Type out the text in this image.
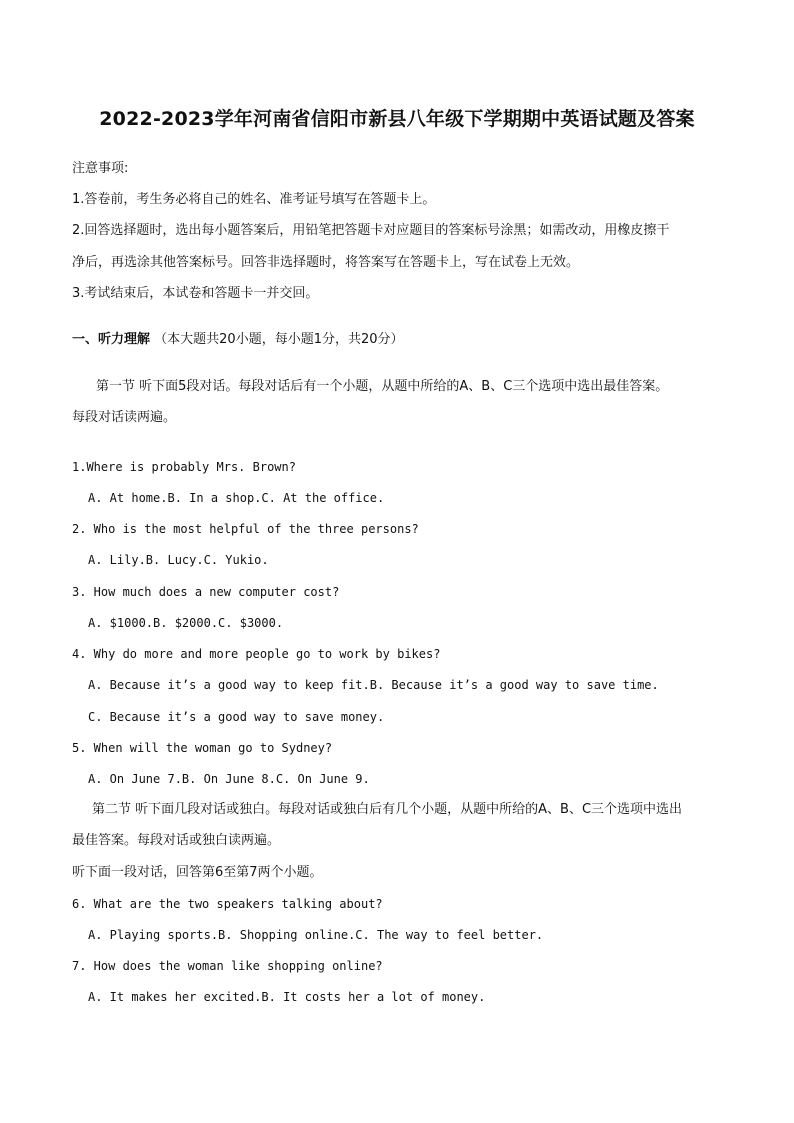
2022-2023学年河南省信阳市新县八年级下学期期中英语试题及答案
注意事项:
1.答卷前，考生务必将自己的姓名、准考证号填写在答题卡上。
2.回答选择题时，选出每小题答案后，用铅笔把答题卡对应题目的答案标号涂黑；如需改动，用橡皮擦干
净后，再选涂其他答案标号。回答非选择题时，将答案写在答题卡上，写在试卷上无效。
3.考试结束后，本试卷和答题卡一并交回。
一、听力理解 （本大题共20小题，每小题1分，共20分）
第一节 听下面5段对话。每段对话后有一个小题，从题中所给的A、B、C三个选项中选出最佳答案。
每段对话读两遍。
1.Where is probably Mrs. Brown?
A. At home.B. In a shop.C. At the office.
2. Who is the most helpful of the three persons?
A. Lily.B. Lucy.C. Yukio.
3. How much does a new computer cost?
A. $1000.B. $2000.C. $3000.
4. Why do more and more people go to work by bikes?
A. Because it’s a good way to keep fit.B. Because it’s a good way to save time.
C. Because it’s a good way to save money.
5. When will the woman go to Sydney?
A. On June 7.B. On June 8.C. On June 9.
第二节 听下面几段对话或独白。每段对话或独白后有几个小题，从题中所给的A、B、C三个选项中选出
最佳答案。每段对话或独白读两遍。
听下面一段对话，回答第6至第7两个小题。
6. What are the two speakers talking about?
A. Playing sports.B. Shopping online.C. The way to feel better.
7. How does the woman like shopping online?
A. It makes her excited.B. It costs her a lot of money.
